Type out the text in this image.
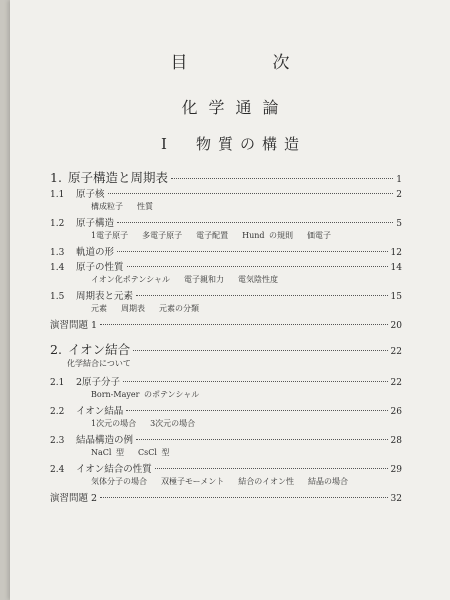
目　次
化学通論
I　物質の構造
1. 原子構造と周期表	1
1.1 原子核	2
構成粒子 性質
1.2 原子構造	5
1電子原子 多電子原子 電子配置 Hund の規則 価電子
1.3 軌道の形	12
1.4 原子の性質	14
イオン化ポテンシャル 電子親和力 電気陰性度
1.5 周期表と元素	15
元素 周期表 元素の分類
演習問題 1	20
2. イオン結合	22
化学結合について
2.1 2原子分子	22
Born-Mayer のポテンシャル
2.2 イオン結晶	26
1次元の場合 3次元の場合
2.3 結晶構造の例	28
NaCl 型 CsCl 型
2.4 イオン結合の性質	29
気体分子の場合 双極子モーメント 結合のイオン性 結晶の場合
演習問題 2	32
